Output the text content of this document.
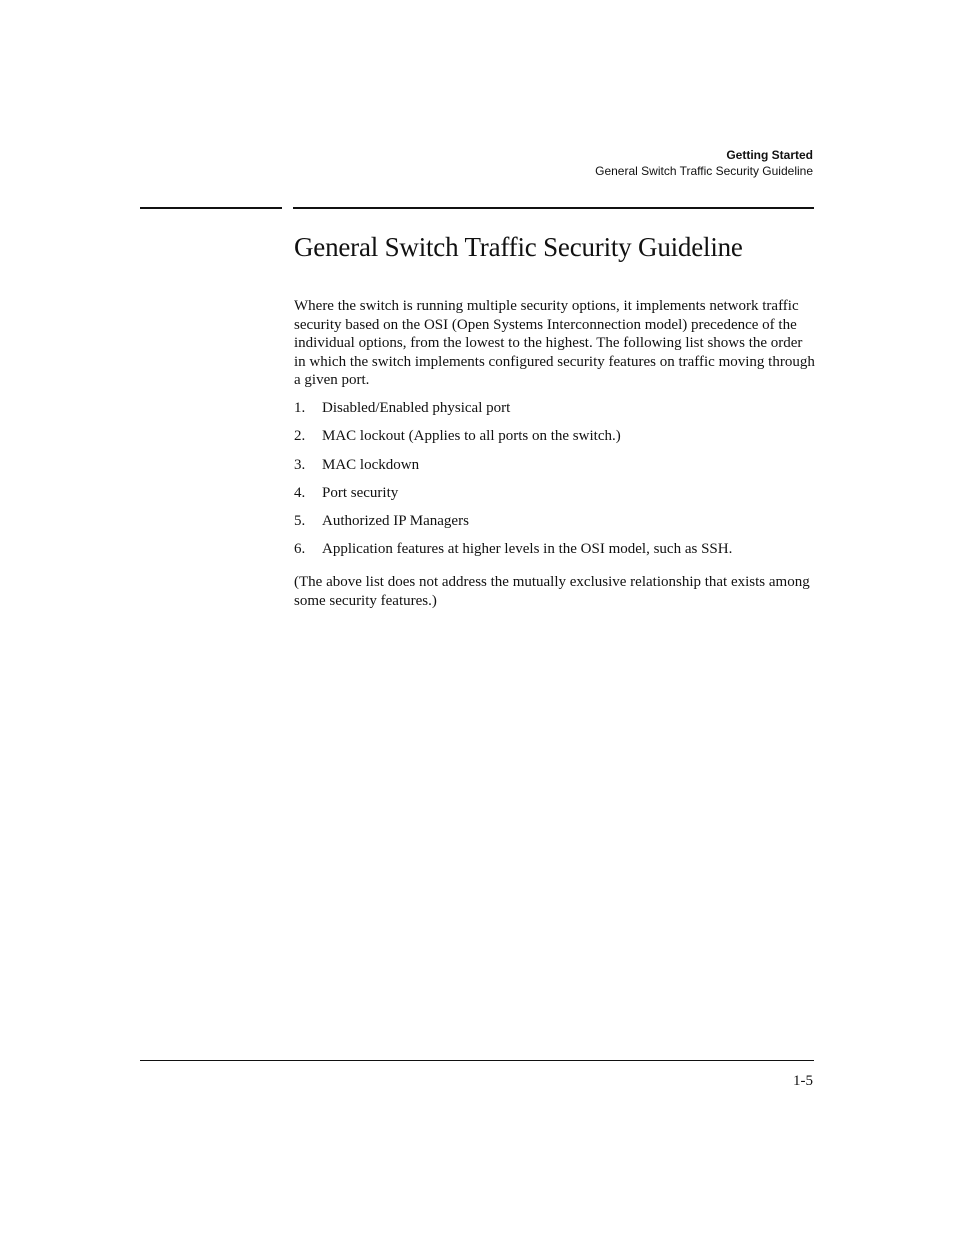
Getting Started
General Switch Traffic Security Guideline
General Switch Traffic Security Guideline

Where the switch is running multiple security options, it implements network traffic security based on the OSI (Open Systems Interconnection model) precedence of the individual options, from the lowest to the highest. The following list shows the order in which the switch implements configured security features on traffic moving through a given port.

1.	Disabled/Enabled physical port
2.	MAC lockout (Applies to all ports on the switch.)
3.	MAC lockdown
4.	Port security
5.	Authorized IP Managers
6.	Application features at higher levels in the OSI model, such as SSH.

(The above list does not address the mutually exclusive relationship that exists among some security features.)

1-5
